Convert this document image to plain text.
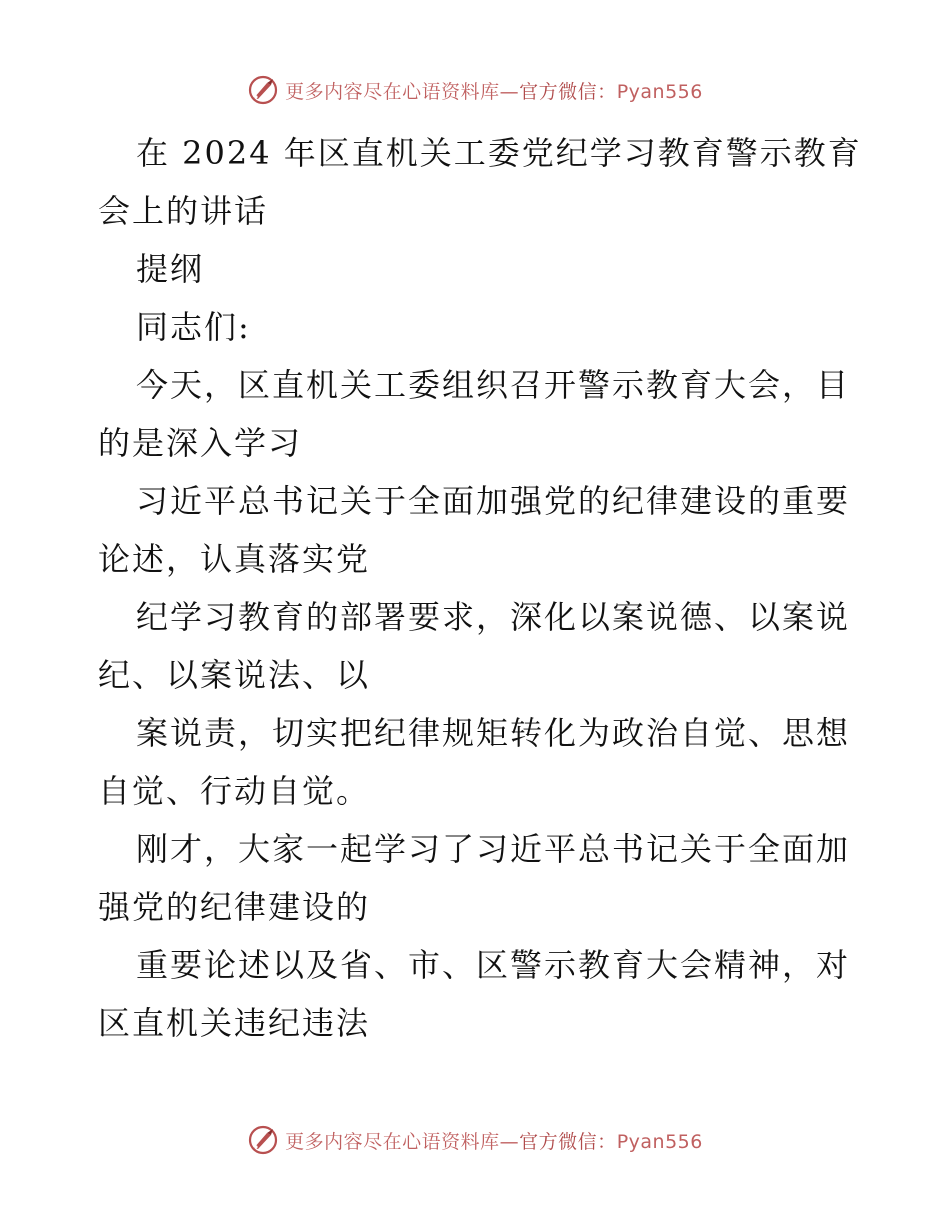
更多内容尽在心语资料库—官方微信：Pyan556

在 2024 年区直机关工委党纪学习教育警示教育
会上的讲话
提纲
同志们:
今天，区直机关工委组织召开警示教育大会，目
的是深入学习
习近平总书记关于全面加强党的纪律建设的重要
论述，认真落实党
纪学习教育的部署要求，深化以案说德、以案说
纪、以案说法、以
案说责，切实把纪律规矩转化为政治自觉、思想
自觉、行动自觉。
刚才，大家一起学习了习近平总书记关于全面加
强党的纪律建设的
重要论述以及省、市、区警示教育大会精神，对
区直机关违纪违法

更多内容尽在心语资料库—官方微信：Pyan556
